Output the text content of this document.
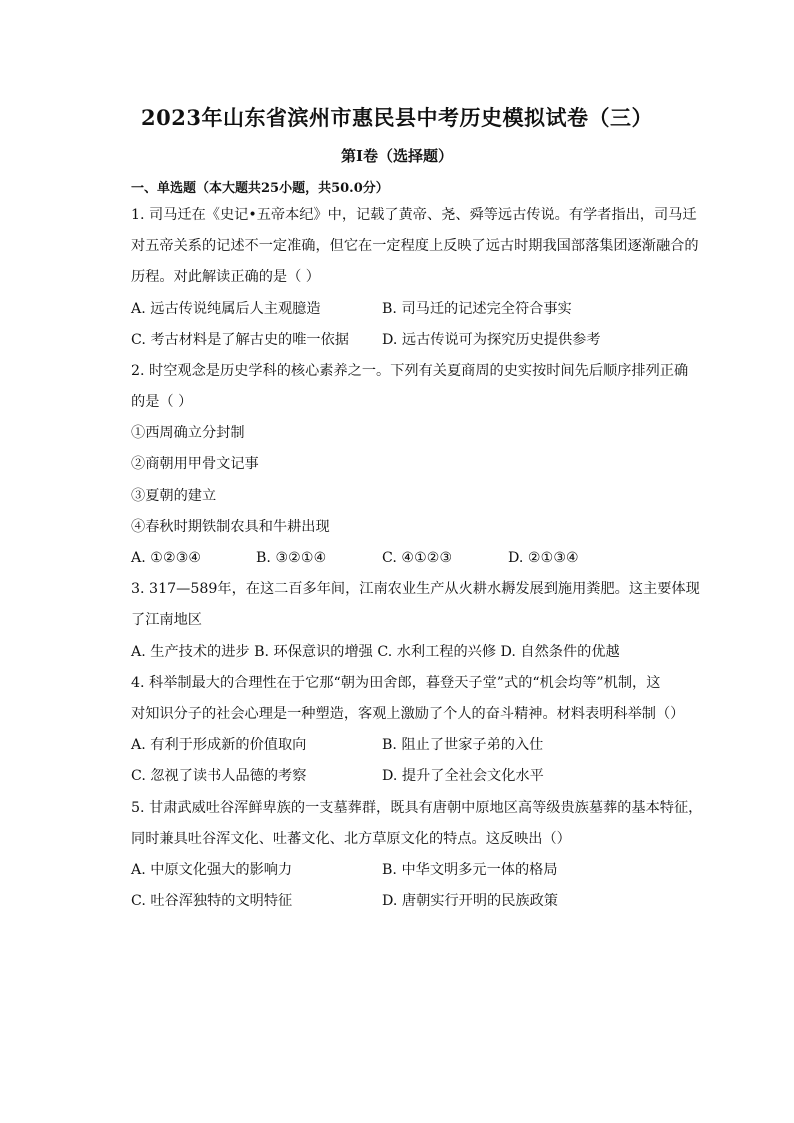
2023年山东省滨州市惠民县中考历史模拟试卷（三）
第I卷（选择题）
一、单选题（本大题共25小题，共50.0分）
1. 司马迁在《史记•五帝本纪》中，记载了黄帝、尧、舜等远古传说。有学者指出，司马迁
对五帝关系的记述不一定准确，但它在一定程度上反映了远古时期我国部落集团逐渐融合的
历程。对此解读正确的是（ ）
A. 远古传说纯属后人主观臆造	B. 司马迁的记述完全符合事实
C. 考古材料是了解古史的唯一依据 D. 远古传说可为探究历史提供参考
2. 时空观念是历史学科的核心素养之一。下列有关夏商周的史实按时间先后顺序排列正确
的是（ ）
①西周确立分封制
②商朝用甲骨文记事
③夏朝的建立
④春秋时期铁制农具和牛耕出现
A. ①②③④	B. ③②①④	C. ④①②③	D. ②①③④
3. 317—589年，在这二百多年间，江南农业生产从火耕水耨发展到施用粪肥。这主要体现
了江南地区
A. 生产技术的进步 B. 环保意识的增强 C. 水利工程的兴修 D. 自然条件的优越
4. 科举制最大的合理性在于它那“朝为田舍郎，暮登天子堂”式的“机会均等”机制，这
对知识分子的社会心理是一种塑造，客观上激励了个人的奋斗精神。材料表明科举制（）
A. 有利于形成新的价值取向	B. 阻止了世家子弟的入仕
C. 忽视了读书人品德的考察	D. 提升了全社会文化水平
5. 甘肃武威吐谷浑鲜卑族的一支墓葬群，既具有唐朝中原地区高等级贵族墓葬的基本特征，
同时兼具吐谷浑文化、吐蕃文化、北方草原文化的特点。这反映出（）
A. 中原文化强大的影响力	B. 中华文明多元一体的格局
C. 吐谷浑独特的文明特征	D. 唐朝实行开明的民族政策
